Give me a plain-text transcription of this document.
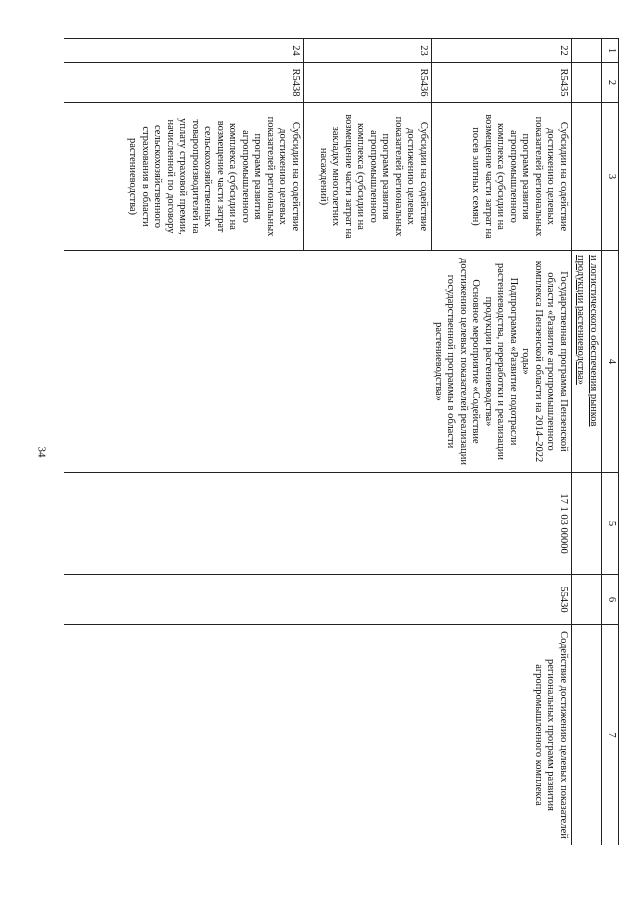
34
1	2	3	4	5	6	7
			и логистического обеспечения рынков продукции растениеводства»			
22	R5435	Субсидии на содействие достижению целевых показателей региональных программ развития агропромышленного комплекса (субсидии на возмещение части затрат на посев элитных семян)	Государственная программа Пензенской области «Развитие агропромышленного комплекса Пензенской области на 2014–2022 годы»
Подпрограмма «Развитие подотрасли растениеводства, переработки и реализации продукции растениеводства»
Основное мероприятие «Содействие достижению целевых показателей реализации государственной программы в области растениеводства»	17 1 03 00000	55430	Содействие достижению целевых показателей региональных программ развития агропромышленного комплекса
23	R5436	Субсидии на содействие достижению целевых показателей региональных программ развития агропромышленного комплекса (субсидии на возмещение части затрат на закладку многолетних насаждений)				
24	R5438	Субсидии на содействие достижению целевых показателей региональных программ развития агропромышленного комплекса (субсидии на возмещение части затрат сельскохозяйственных товаропроизводителей на уплату страховой премии, начисленной по договору сельскохозяйственного страхования в области растениеводства)				
